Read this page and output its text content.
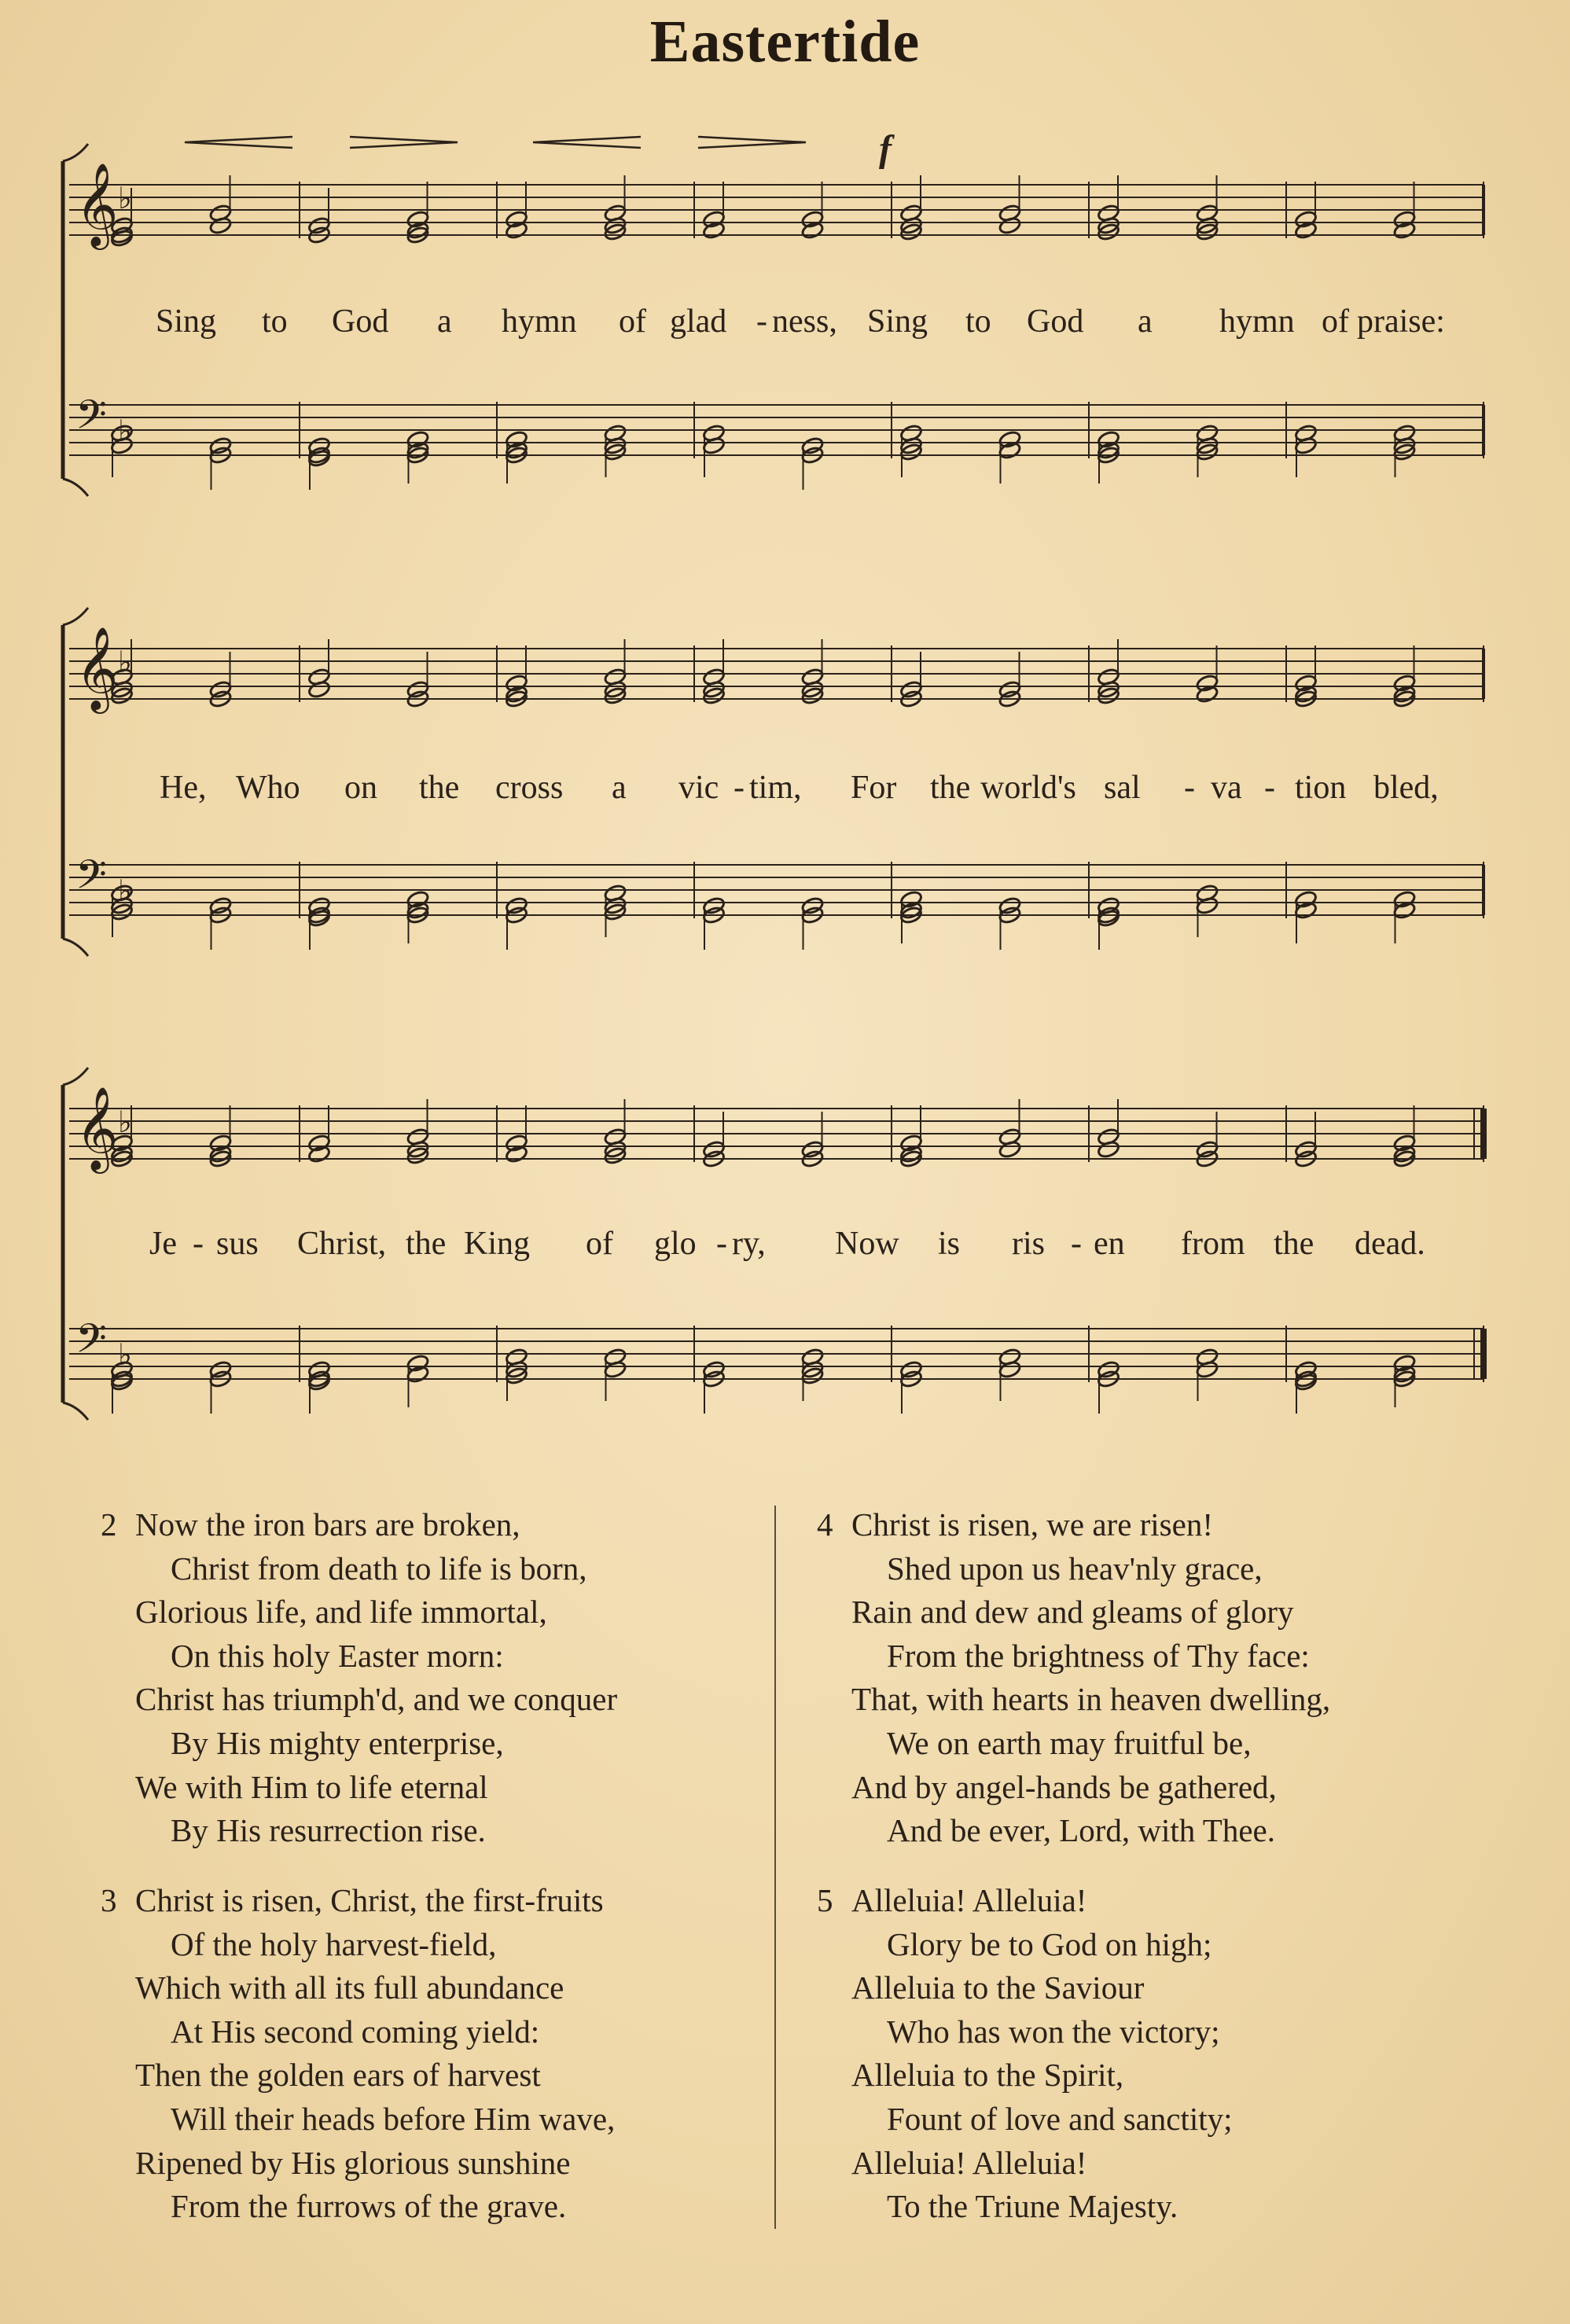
Eastertide
𝄞 ♭
𝄢 ♭
f
Sing to God a hymn of glad - ness, Sing to God a hymn of praise:
𝄞 ♭
𝄢 ♭
He, Who on the cross a vic - tim, For the world's sal - va - tion bled,
𝄞 ♭
𝄢 ♭
Je - sus Christ, the King of glo - ry, Now is ris - en from the dead.
2 Now the iron bars are broken,
Christ from death to life is born,
Glorious life, and life immortal,
On this holy Easter morn:
Christ has triumph'd, and we conquer
By His mighty enterprise,
We with Him to life eternal
By His resurrection rise.
3 Christ is risen, Christ, the first-fruits
Of the holy harvest-field,
Which with all its full abundance
At His second coming yield:
Then the golden ears of harvest
Will their heads before Him wave,
Ripened by His glorious sunshine
From the furrows of the grave.
4 Christ is risen, we are risen!
Shed upon us heav'nly grace,
Rain and dew and gleams of glory
From the brightness of Thy face:
That, with hearts in heaven dwelling,
We on earth may fruitful be,
And by angel-hands be gathered,
And be ever, Lord, with Thee.
5 Alleluia! Alleluia!
Glory be to God on high;
Alleluia to the Saviour
Who has won the victory;
Alleluia to the Spirit,
Fount of love and sanctity;
Alleluia! Alleluia!
To the Triune Majesty.
